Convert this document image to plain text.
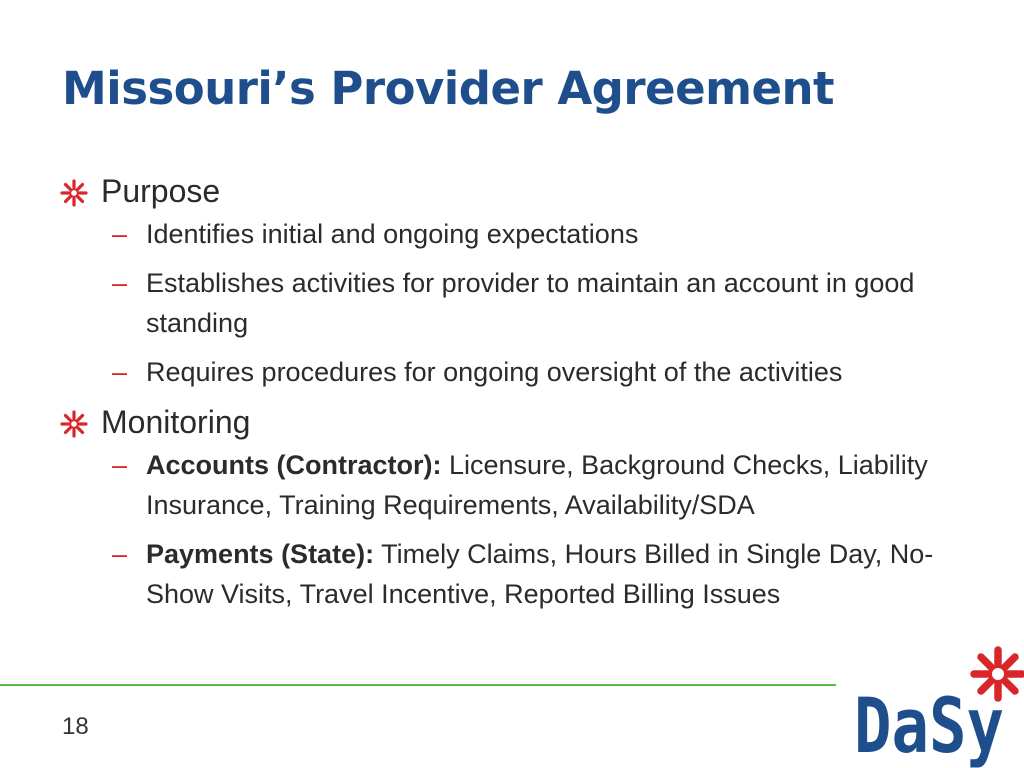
Missouri’s Provider Agreement
Purpose
– Identifies initial and ongoing expectations
– Establishes activities for provider to maintain an account in good standing
– Requires procedures for ongoing oversight of the activities
Monitoring
– Accounts (Contractor): Licensure, Background Checks, Liability Insurance, Training Requirements, Availability/SDA
– Payments (State): Timely Claims, Hours Billed in Single Day, No-Show Visits, Travel Incentive, Reported Billing Issues
18	DaSy
